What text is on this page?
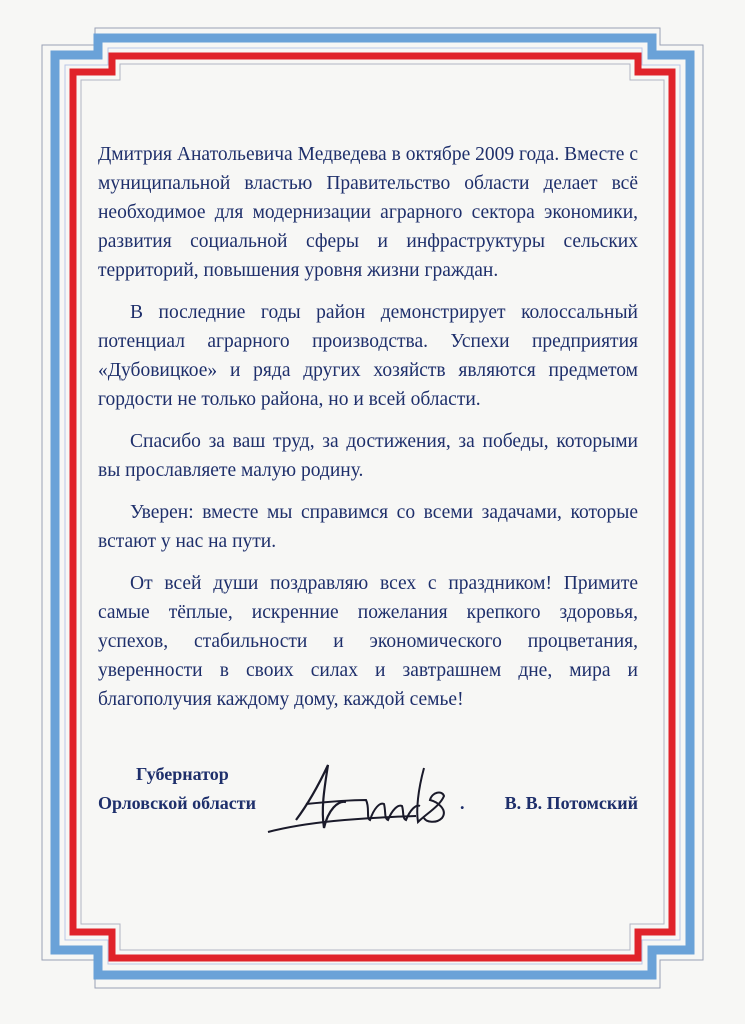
Дмитрия Анатольевича Медведева в октябре 2009 года. Вместе с муниципальной властью Правительство области делает всё необходимое для модернизации аграрного сектора экономики, развития социальной сферы и инфраструктуры сельских территорий, повышения уровня жизни граждан.

В последние годы район демонстрирует колоссальный потенциал аграрного производства. Успехи предприятия «Дубовицкое» и ряда других хозяйств являются предметом гордости не только района, но и всей области.

Спасибо за ваш труд, за достижения, за победы, которыми вы прославляете малую родину.

Уверен: вместе мы справимся со всеми задачами, которые встают у нас на пути.

От всей души поздравляю всех с праздником! Примите самые тёплые, искренние пожелания крепкого здоровья, успехов, стабильности и экономического процветания, уверенности в своих силах и завтрашнем дне, мира и благополучия каждому дому, каждой семье!

Губернатор
Орловской области	. В. В. Потомский
